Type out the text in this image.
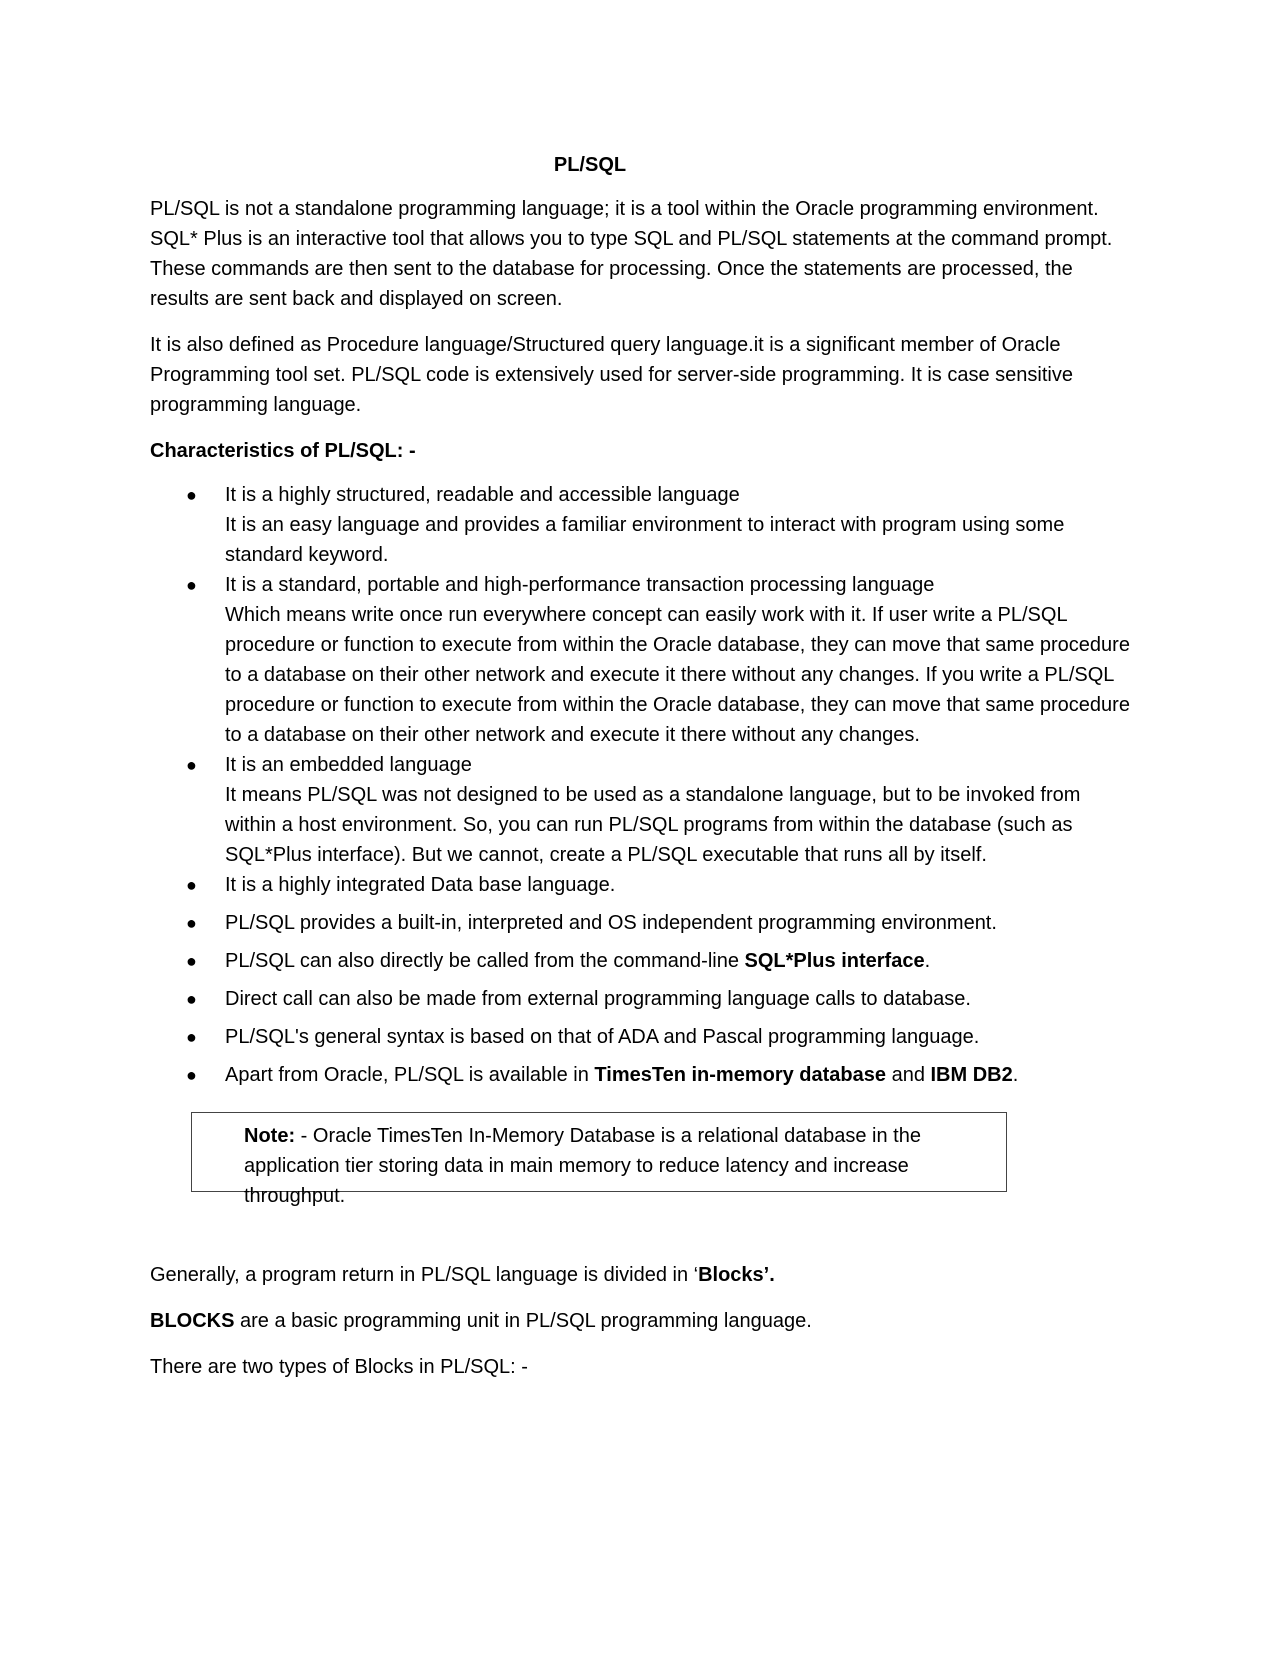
PL/SQL

PL/SQL is not a standalone programming language; it is a tool within the Oracle programming environment. SQL* Plus is an interactive tool that allows you to type SQL and PL/SQL statements at the command prompt. These commands are then sent to the database for processing. Once the statements are processed, the results are sent back and displayed on screen.

It is also defined as Procedure language/Structured query language.it is a significant member of Oracle Programming tool set. PL/SQL code is extensively used for server-side programming. It is case sensitive programming language.

Characteristics of PL/SQL: -
● It is a highly structured, readable and accessible language
It is an easy language and provides a familiar environment to interact with program using some standard keyword.
● It is a standard, portable and high-performance transaction processing language
Which means write once run everywhere concept can easily work with it. If user write a PL/SQL procedure or function to execute from within the Oracle database, they can move that same procedure to a database on their other network and execute it there without any changes. If you write a PL/SQL procedure or function to execute from within the Oracle database, they can move that same procedure to a database on their other network and execute it there without any changes.
● It is an embedded language
It means PL/SQL was not designed to be used as a standalone language, but to be invoked from within a host environment. So, you can run PL/SQL programs from within the database (such as SQL*Plus interface). But we cannot, create a PL/SQL executable that runs all by itself.
● It is a highly integrated Data base language.
● PL/SQL provides a built-in, interpreted and OS independent programming environment.
● PL/SQL can also directly be called from the command-line SQL*Plus interface.
● Direct call can also be made from external programming language calls to database.
● PL/SQL's general syntax is based on that of ADA and Pascal programming language.
● Apart from Oracle, PL/SQL is available in TimesTen in-memory database and IBM DB2.
Note: - Oracle TimesTen In-Memory Database is a relational database in the application tier storing data in main memory to reduce latency and increase throughput.

Generally, a program return in PL/SQL language is divided in ‘Blocks’.

BLOCKS are a basic programming unit in PL/SQL programming language.

There are two types of Blocks in PL/SQL: -
